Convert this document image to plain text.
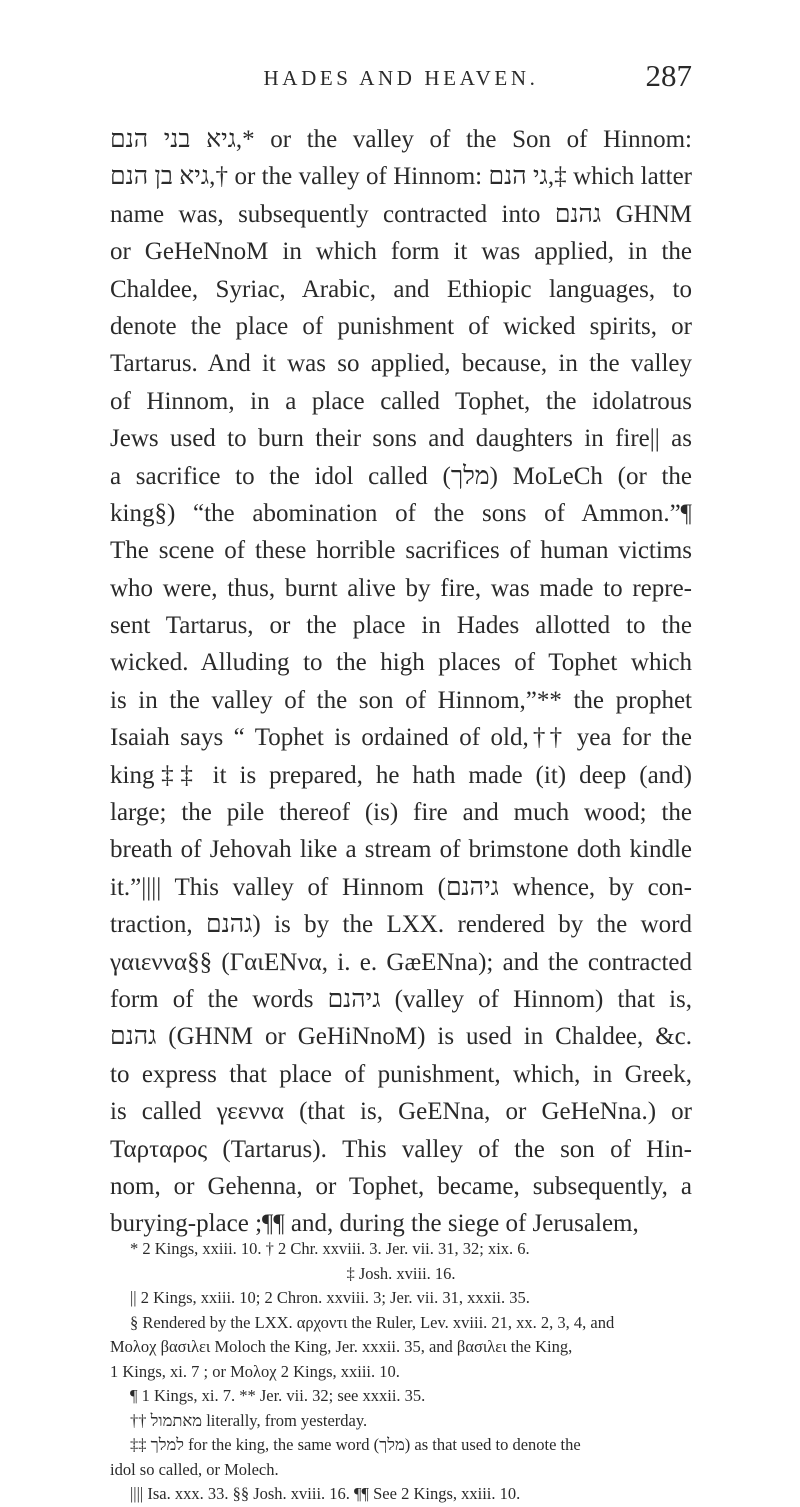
HADES AND HEAVEN.	287
גיא בני הנם,* or the valley of the Son of Hinnom:
גיא בן הנם,† or the valley of Hinnom: גי הנם,‡ which latter
name was, subsequently contracted into גהנם GHNM
or GeHeNnoM in which form it was applied, in the
Chaldee, Syriac, Arabic, and Ethiopic languages, to
denote the place of punishment of wicked spirits, or
Tartarus. And it was so applied, because, in the valley
of Hinnom, in a place called Tophet, the idolatrous
Jews used to burn their sons and daughters in fire|| as
a sacrifice to the idol called (מלך) MoLeCh (or the
king§) “the abomination of the sons of Ammon.”¶
The scene of these horrible sacrifices of human victims
who were, thus, burnt alive by fire, was made to repre-
sent Tartarus, or the place in Hades allotted to the
wicked. Alluding to the high places of Tophet which
is in the valley of the son of Hinnom,”** the prophet
Isaiah says “ Tophet is ordained of old,†† yea for the
king‡‡ it is prepared, he hath made (it) deep (and)
large; the pile thereof (is) fire and much wood; the
breath of Jehovah like a stream of brimstone doth kindle
it.”|||| This valley of Hinnom (גיהנם whence, by con-
traction, גהנם) is by the LXX. rendered by the word
γαιεννα§§ (ΓαιΕΝνα, i. e. GæENna); and the contracted
form of the words גיהנם (valley of Hinnom) that is,
גהנם (GHNM or GeHiNnoM) is used in Chaldee, &c.
to express that place of punishment, which, in Greek,
is called γεεννα (that is, GeENna, or GeHeNna.) or
Ταρταρος (Tartarus). This valley of the son of Hin-
nom, or Gehenna, or Tophet, became, subsequently, a
burying-place ;¶¶ and, during the siege of Jerusalem,
* 2 Kings, xxiii. 10. † 2 Chr. xxviii. 3. Jer. vii. 31, 32; xix. 6.
‡ Josh. xviii. 16.
|| 2 Kings, xxiii. 10; 2 Chron. xxviii. 3; Jer. vii. 31, xxxii. 35.
§ Rendered by the LXX. αρχοντι the Ruler, Lev. xviii. 21, xx. 2, 3, 4, and
Μολοχ βασιλει Moloch the King, Jer. xxxii. 35, and βασιλει the King,
1 Kings, xi. 7 ; or Μολοχ 2 Kings, xxiii. 10.
¶ 1 Kings, xi. 7. ** Jer. vii. 32; see xxxii. 35.
†† מאתמול literally, from yesterday.
‡‡ למלך for the king, the same word (מלך) as that used to denote the
idol so called, or Molech.
|||| Isa. xxx. 33. §§ Josh. xviii. 16. ¶¶ See 2 Kings, xxiii. 10.
